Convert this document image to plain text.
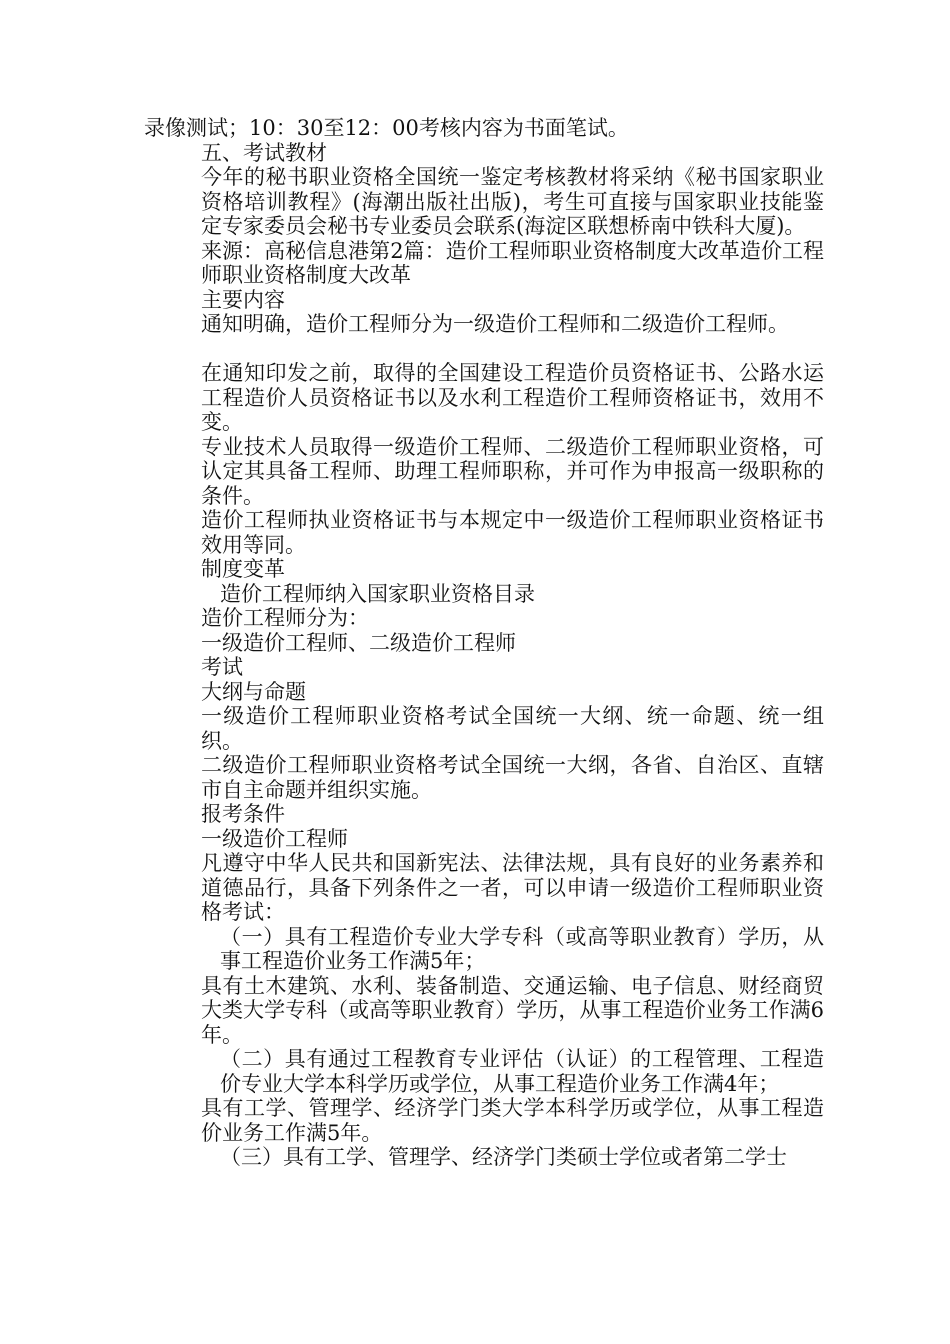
录像测试；10：30至12：00考核内容为书面笔试。

五、考试教材

今年的秘书职业资格全国统一鉴定考核教材将采纳《秘书国家职业资格培训教程》(海潮出版社出版)，考生可直接与国家职业技能鉴定专家委员会秘书专业委员会联系(海淀区联想桥南中铁科大厦)。

来源：高秘信息港第2篇：造价工程师职业资格制度大改革造价工程师职业资格制度大改革

主要内容

通知明确，造价工程师分为一级造价工程师和二级造价工程师。

在通知印发之前，取得的全国建设工程造价员资格证书、公路水运工程造价人员资格证书以及水利工程造价工程师资格证书，效用不变。

专业技术人员取得一级造价工程师、二级造价工程师职业资格，可认定其具备工程师、助理工程师职称，并可作为申报高一级职称的条件。

造价工程师执业资格证书与本规定中一级造价工程师职业资格证书效用等同。

制度变革

造价工程师纳入国家职业资格目录

造价工程师分为：

一级造价工程师、二级造价工程师

考试

大纲与命题

一级造价工程师职业资格考试全国统一大纲、统一命题、统一组织。

二级造价工程师职业资格考试全国统一大纲，各省、自治区、直辖市自主命题并组织实施。

报考条件

一级造价工程师

凡遵守中华人民共和国新宪法、法律法规，具有良好的业务素养和道德品行，具备下列条件之一者，可以申请一级造价工程师职业资格考试：

（一）具有工程造价专业大学专科（或高等职业教育）学历，从事工程造价业务工作满5年；

具有土木建筑、水利、装备制造、交通运输、电子信息、财经商贸大类大学专科（或高等职业教育）学历，从事工程造价业务工作满6年。

（二）具有通过工程教育专业评估（认证）的工程管理、工程造价专业大学本科学历或学位，从事工程造价业务工作满4年；

具有工学、管理学、经济学门类大学本科学历或学位，从事工程造价业务工作满5年。

（三）具有工学、管理学、经济学门类硕士学位或者第二学士
